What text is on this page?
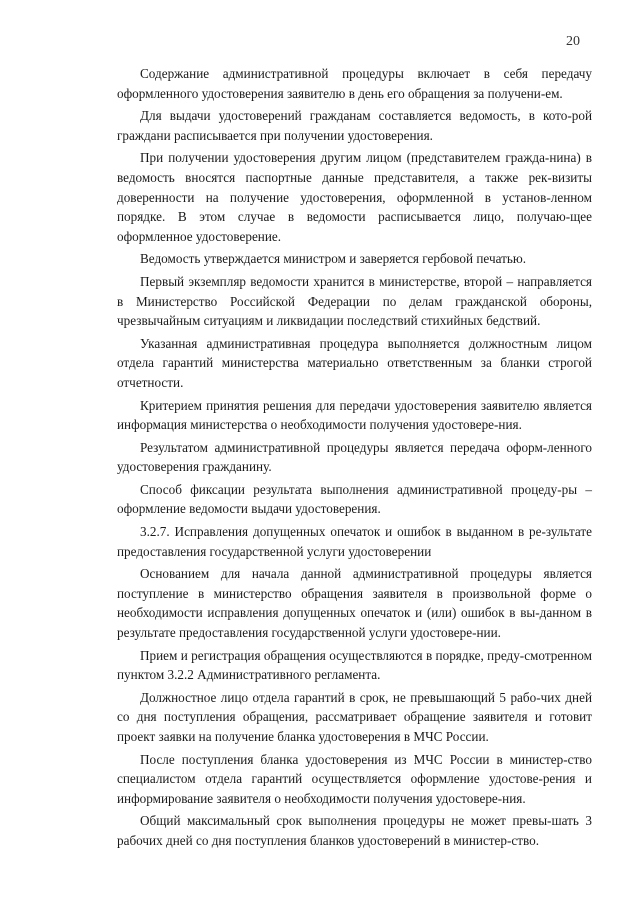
20

Содержание административной процедуры включает в себя передачу оформленного удостоверения заявителю в день его обращения за получени-ем.

Для выдачи удостоверений гражданам составляется ведомость, в кото-рой граждани расписывается при получении удостоверения.

При получении удостоверения другим лицом (представителем гражда-нина) в ведомость вносятся паспортные данные представителя, а также рек-визиты доверенности на получение удостоверения, оформленной в установ-ленном порядке. В этом случае в ведомости расписывается лицо, получаю-щее оформленное удостоверение.

Ведомость утверждается министром и заверяется гербовой печатью.

Первый экземпляр ведомости хранится в министерстве, второй – направляется в Министерство Российской Федерации по делам гражданской обороны, чрезвычайным ситуациям и ликвидации последствий стихийных бедствий.

Указанная административная процедура выполняется должностным лицом отдела гарантий министерства материально ответственным за бланки строгой отчетности.

Критерием принятия решения для передачи удостоверения заявителю является информация министерства о необходимости получения удостовере-ния.

Результатом административной процедуры является передача оформ-ленного удостоверения гражданину.

Способ фиксации результата выполнения административной процеду-ры – оформление ведомости выдачи удостоверения.

3.2.7. Исправления допущенных опечаток и ошибок в выданном в ре-зультате предоставления государственной услуги удостоверении

Основанием для начала данной административной процедуры является поступление в министерство обращения заявителя в произвольной форме о необходимости исправления допущенных опечаток и (или) ошибок в вы-данном в результате предоставления государственной услуги удостовере-нии.

Прием и регистрация обращения осуществляются в порядке, преду-смотренном пунктом 3.2.2 Административного регламента.

Должностное лицо отдела гарантий в срок, не превышающий 5 рабо-чих дней со дня поступления обращения, рассматривает обращение заявителя и готовит проект заявки на получение бланка удостоверения в МЧС России.

После поступления бланка удостоверения из МЧС России в министер-ство специалистом отдела гарантий осуществляется оформление удостове-рения и информирование заявителя о необходимости получения удостовере-ния.

Общий максимальный срок выполнения процедуры не может превы-шать 3 рабочих дней со дня поступления бланков удостоверений в министер-ство.
